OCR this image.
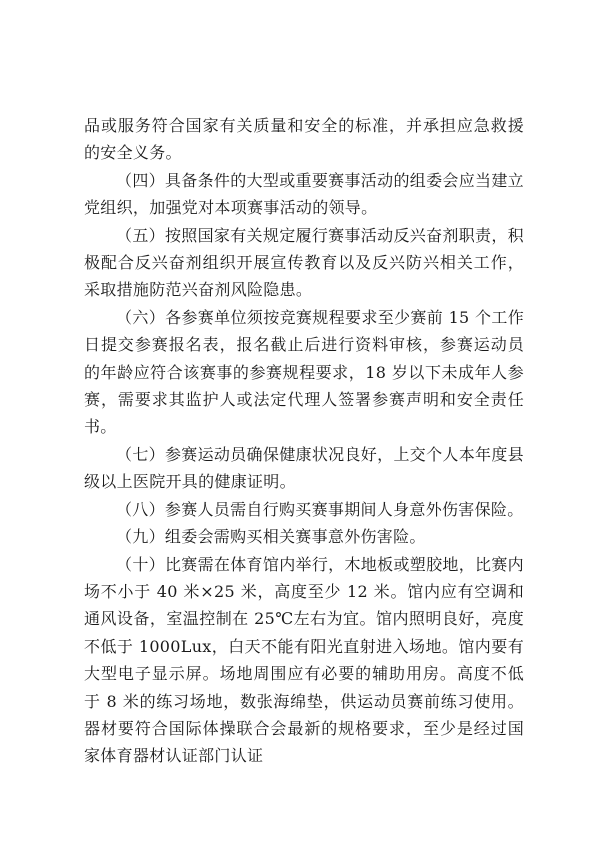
品或服务符合国家有关质量和安全的标准，并承担应急救援的安全义务。

（四）具备条件的大型或重要赛事活动的组委会应当建立党组织，加强党对本项赛事活动的领导。

（五）按照国家有关规定履行赛事活动反兴奋剂职责，积极配合反兴奋剂组织开展宣传教育以及反兴防兴相关工作，采取措施防范兴奋剂风险隐患。

（六）各参赛单位须按竞赛规程要求至少赛前 15 个工作日提交参赛报名表，报名截止后进行资料审核，参赛运动员的年龄应符合该赛事的参赛规程要求，18 岁以下未成年人参赛，需要求其监护人或法定代理人签署参赛声明和安全责任书。

（七）参赛运动员确保健康状况良好，上交个人本年度县级以上医院开具的健康证明。

（八）参赛人员需自行购买赛事期间人身意外伤害保险。

（九）组委会需购买相关赛事意外伤害险。

（十）比赛需在体育馆内举行，木地板或塑胶地，比赛内场不小于 40 米×25 米，高度至少 12 米。馆内应有空调和通风设备，室温控制在 25℃左右为宜。馆内照明良好，亮度不低于 1000Lux，白天不能有阳光直射进入场地。馆内要有大型电子显示屏。场地周围应有必要的辅助用房。高度不低于 8 米的练习场地，数张海绵垫，供运动员赛前练习使用。器材要符合国际体操联合会最新的规格要求，至少是经过国家体育器材认证部门认证
